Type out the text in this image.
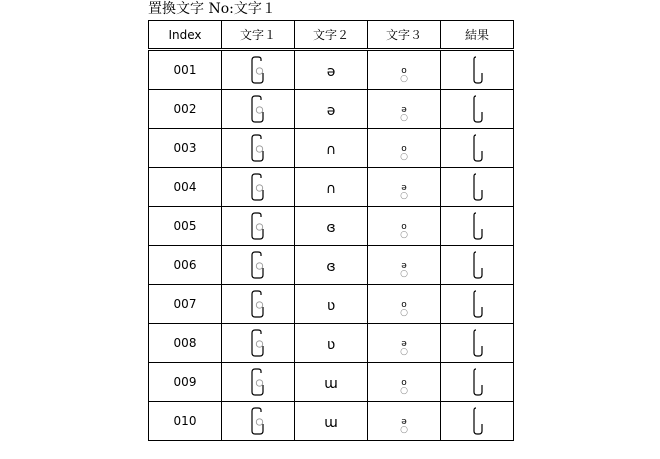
置換文字 No:文字１
Index	文字１	文字２	文字３	結果
001		ə	ο
○

002		ə	ə
○

003		∩	ο
○

004		∩	ə
○

005		ɞ	ο
○

006		ɞ	ə
○

007		ʋ	ο
○

008		ʋ	ə
○

009		ɯ	ο
○

010		ɯ	ə
○
